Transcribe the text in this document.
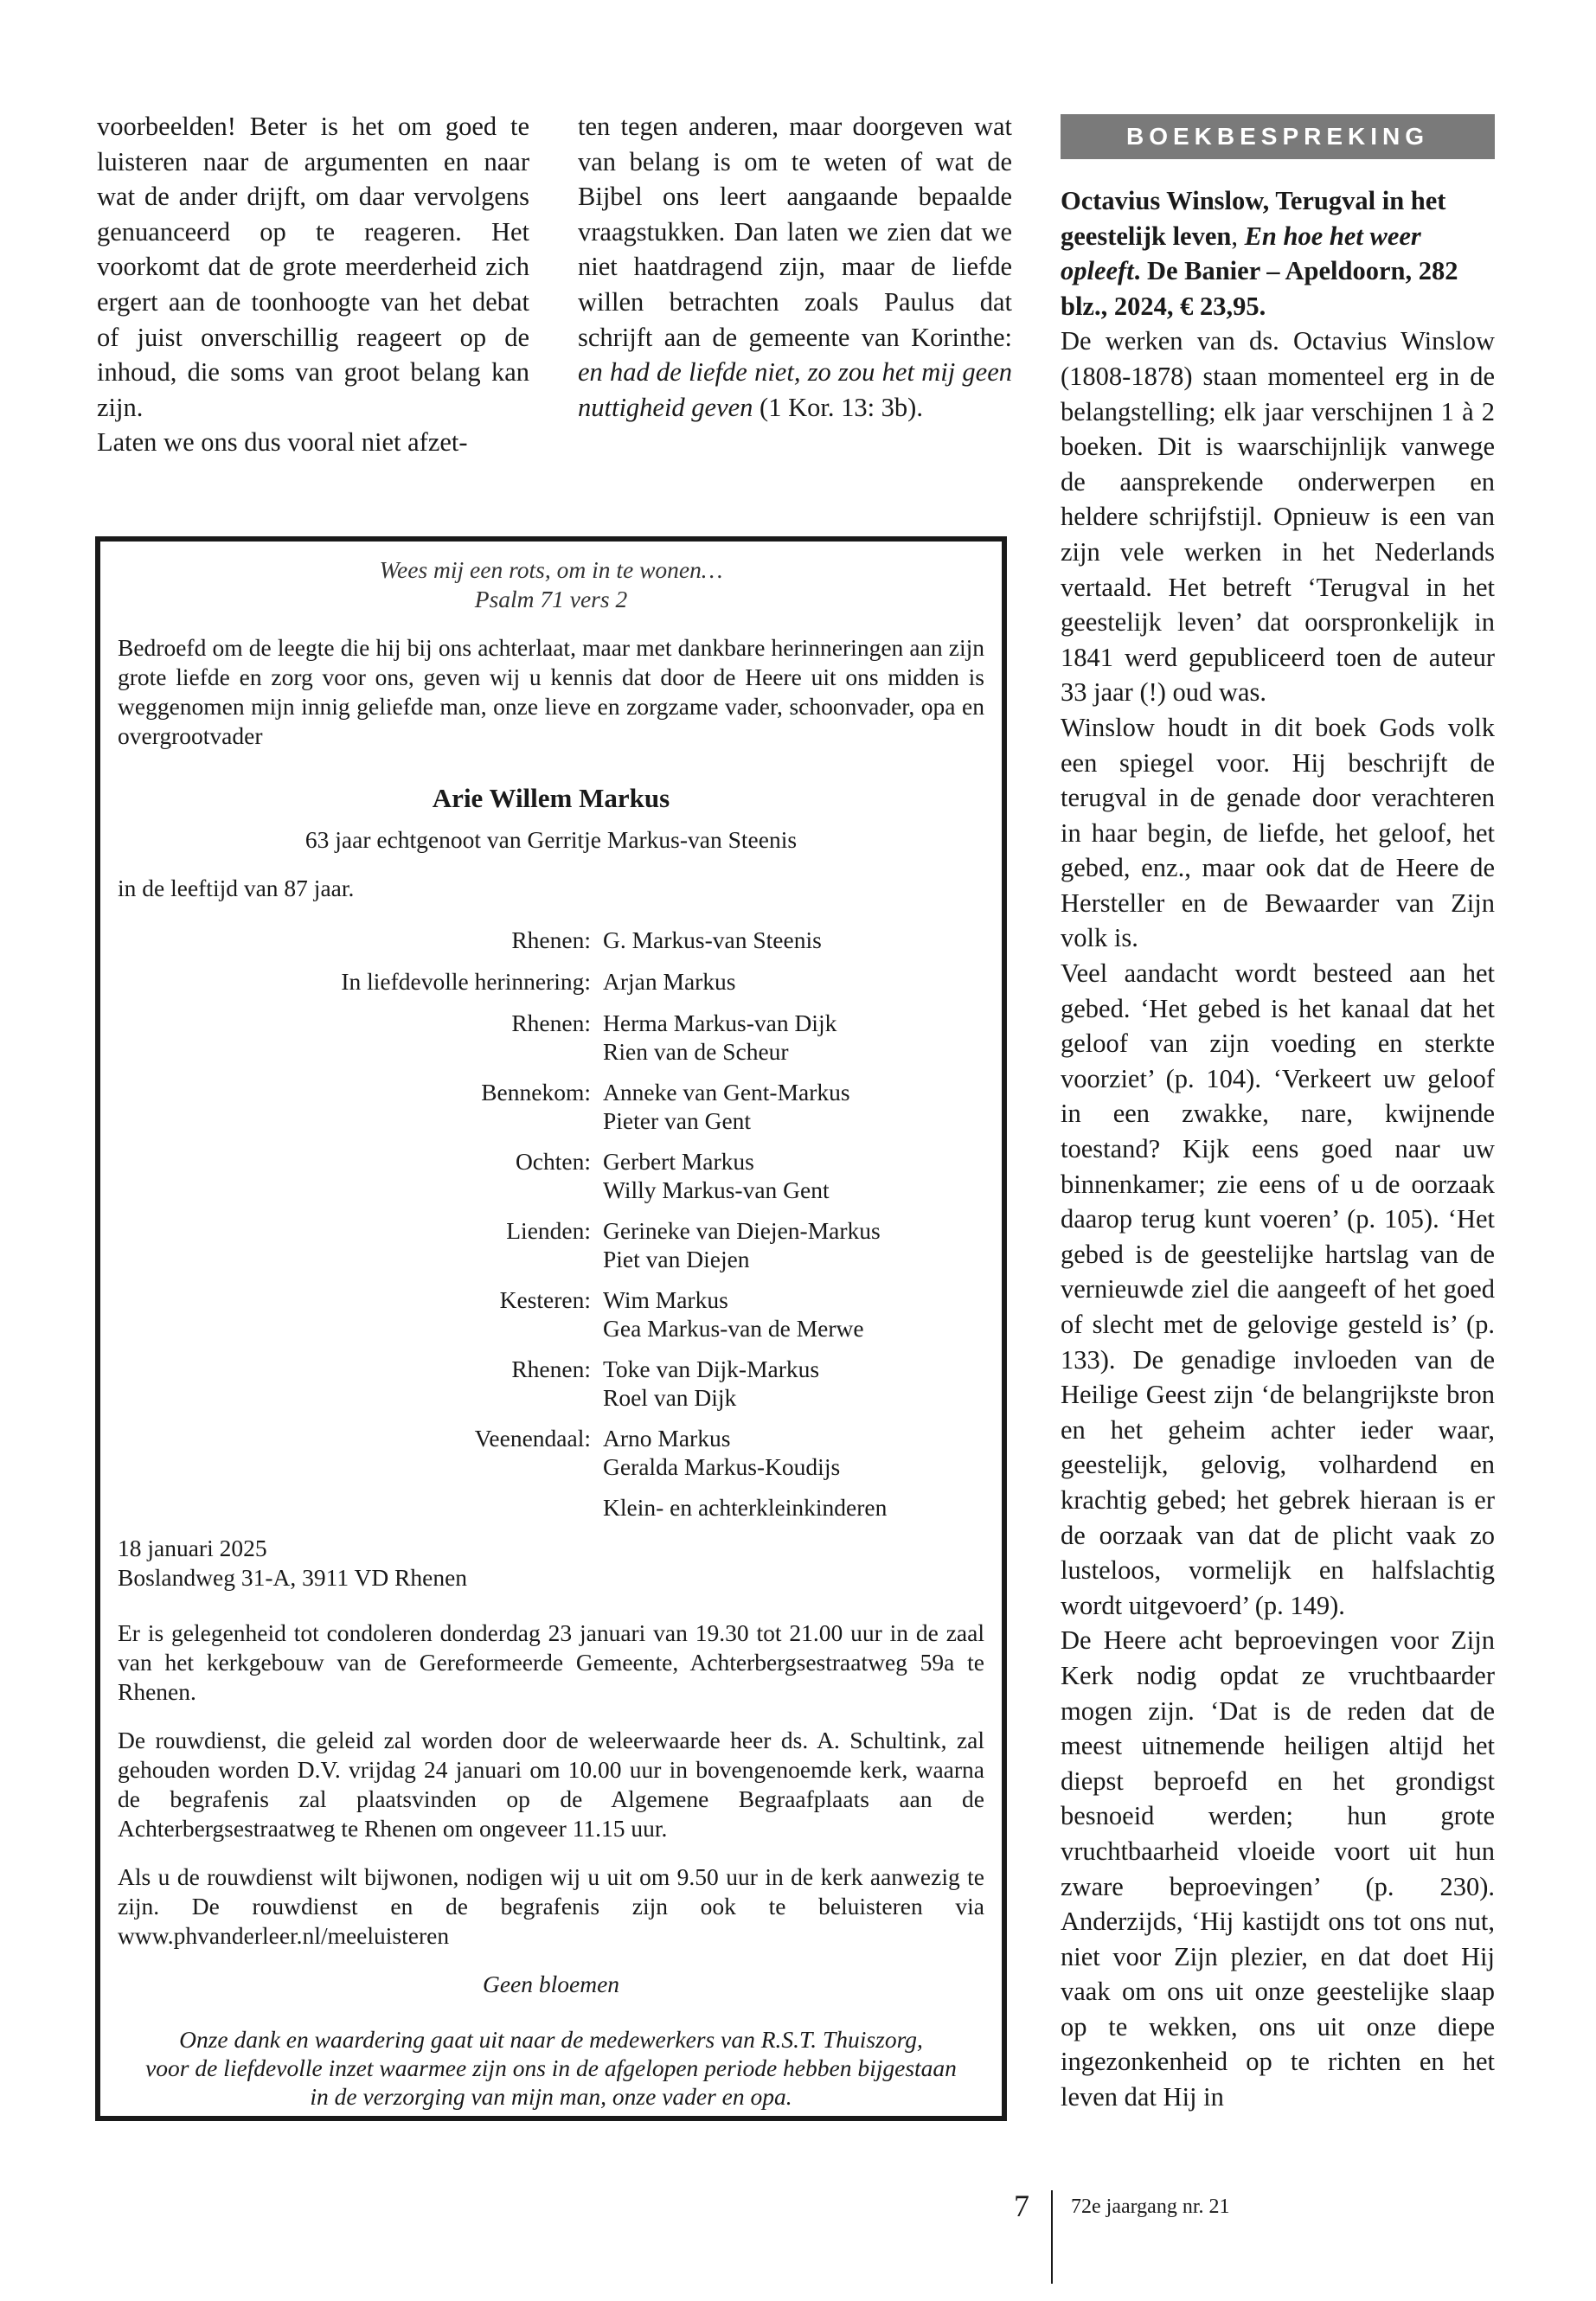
voorbeelden! Beter is het om goed te luisteren naar de argumenten en naar wat de ander drijft, om daar vervolgens genuanceerd op te reageren. Het voorkomt dat de grote meerderheid zich ergert aan de toonhoogte van het debat of juist onverschillig reageert op de inhoud, die soms van groot belang kan zijn.

Laten we ons dus vooral niet afzet-

ten tegen anderen, maar doorgeven wat van belang is om te weten of wat de Bijbel ons leert aangaande bepaalde vraagstukken. Dan laten we zien dat we niet haatdragend zijn, maar de liefde willen betrachten zoals Paulus dat schrijft aan de gemeente van Korinthe: en had de liefde niet, zo zou het mij geen nuttigheid geven (1 Kor. 13: 3b).

BOEKBESPREKING

Octavius Winslow, Terugval in het geestelijk leven, En hoe het weer opleeft. De Banier – Apeldoorn, 282 blz., 2024, € 23,95.

De werken van ds. Octavius Winslow (1808-1878) staan momenteel erg in de belangstelling; elk jaar verschijnen 1 à 2 boeken. Dit is waarschijnlijk vanwege de aansprekende onderwerpen en heldere schrijfstijl. Opnieuw is een van zijn vele werken in het Nederlands vertaald. Het betreft ‘Terugval in het geestelijk leven’ dat oorspronkelijk in 1841 werd gepubliceerd toen de auteur 33 jaar (!) oud was.

Winslow houdt in dit boek Gods volk een spiegel voor. Hij beschrijft de terugval in de genade door verachteren in haar begin, de liefde, het geloof, het gebed, enz., maar ook dat de Heere de Hersteller en de Bewaarder van Zijn volk is.

Veel aandacht wordt besteed aan het gebed. ‘Het gebed is het kanaal dat het geloof van zijn voeding en sterkte voorziet’ (p. 104). ‘Verkeert uw geloof in een zwakke, nare, kwijnende toestand? Kijk eens goed naar uw binnenkamer; zie eens of u de oorzaak daarop terug kunt voeren’ (p. 105). ‘Het gebed is de geestelijke hartslag van de vernieuwde ziel die aangeeft of het goed of slecht met de gelovige gesteld is’ (p. 133). De genadige invloeden van de Heilige Geest zijn ‘de belangrijkste bron en het geheim achter ieder waar, geestelijk, gelovig, volhardend en krachtig gebed; het gebrek hieraan is er de oorzaak van dat de plicht vaak zo lusteloos, vormelijk en halfslachtig wordt uitgevoerd’ (p. 149).

De Heere acht beproevingen voor Zijn Kerk nodig opdat ze vruchtbaarder mogen zijn. ‘Dat is de reden dat de meest uitnemende heiligen altijd het diepst beproefd en het grondigst besnoeid werden; hun grote vruchtbaarheid vloeide voort uit hun zware beproevingen’ (p. 230). Anderzijds, ‘Hij kastijdt ons tot ons nut, niet voor Zijn plezier, en dat doet Hij vaak om ons uit onze geestelijke slaap op te wekken, ons uit onze diepe ingezonkenheid op te richten en het leven dat Hij in

Wees mij een rots, om in te wonen…
Psalm 71 vers 2

Bedroefd om de leegte die hij bij ons achterlaat, maar met dankbare herinneringen aan zijn grote liefde en zorg voor ons, geven wij u kennis dat door de Heere uit ons midden is weggenomen mijn innig geliefde man, onze lieve en zorgzame vader, schoonvader, opa en overgrootvader

Arie Willem Markus
63 jaar echtgenoot van Gerritje Markus-van Steenis
in de leeftijd van 87 jaar.
Rhenen: G. Markus-van Steenis
In liefdevolle herinnering: Arjan Markus
Rhenen: Herma Markus-van Dijk
Rien van de Scheur
Bennekom: Anneke van Gent-Markus
Pieter van Gent
Ochten: Gerbert Markus
Willy Markus-van Gent
Lienden: Gerineke van Diejen-Markus
Piet van Diejen
Kesteren: Wim Markus
Gea Markus-van de Merwe
Rhenen: Toke van Dijk-Markus
Roel van Dijk
Veenendaal: Arno Markus
Geralda Markus-Koudijs
Klein- en achterkleinkinderen
18 januari 2025
Boslandweg 31-A, 3911 VD Rhenen

Er is gelegenheid tot condoleren donderdag 23 januari van 19.30 tot 21.00 uur in de zaal van het kerkgebouw van de Gereformeerde Gemeente, Achterbergsestraatweg 59a te Rhenen.

De rouwdienst, die geleid zal worden door de weleerwaarde heer ds. A. Schultink, zal gehouden worden D.V. vrijdag 24 januari om 10.00 uur in bovengenoemde kerk, waarna de begrafenis zal plaatsvinden op de Algemene Begraafplaats aan de Achterbergsestraatweg te Rhenen om ongeveer 11.15 uur.

Als u de rouwdienst wilt bijwonen, nodigen wij u uit om 9.50 uur in de kerk aanwezig te zijn. De rouwdienst en de begrafenis zijn ook te beluisteren via www.phvanderleer.nl/meeluisteren

Geen bloemen
Onze dank en waardering gaat uit naar de medewerkers van R.S.T. Thuiszorg,
voor de liefdevolle inzet waarmee zijn ons in de afgelopen periode hebben bijgestaan
in de verzorging van mijn man, onze vader en opa.
7 72e jaargang nr. 21
